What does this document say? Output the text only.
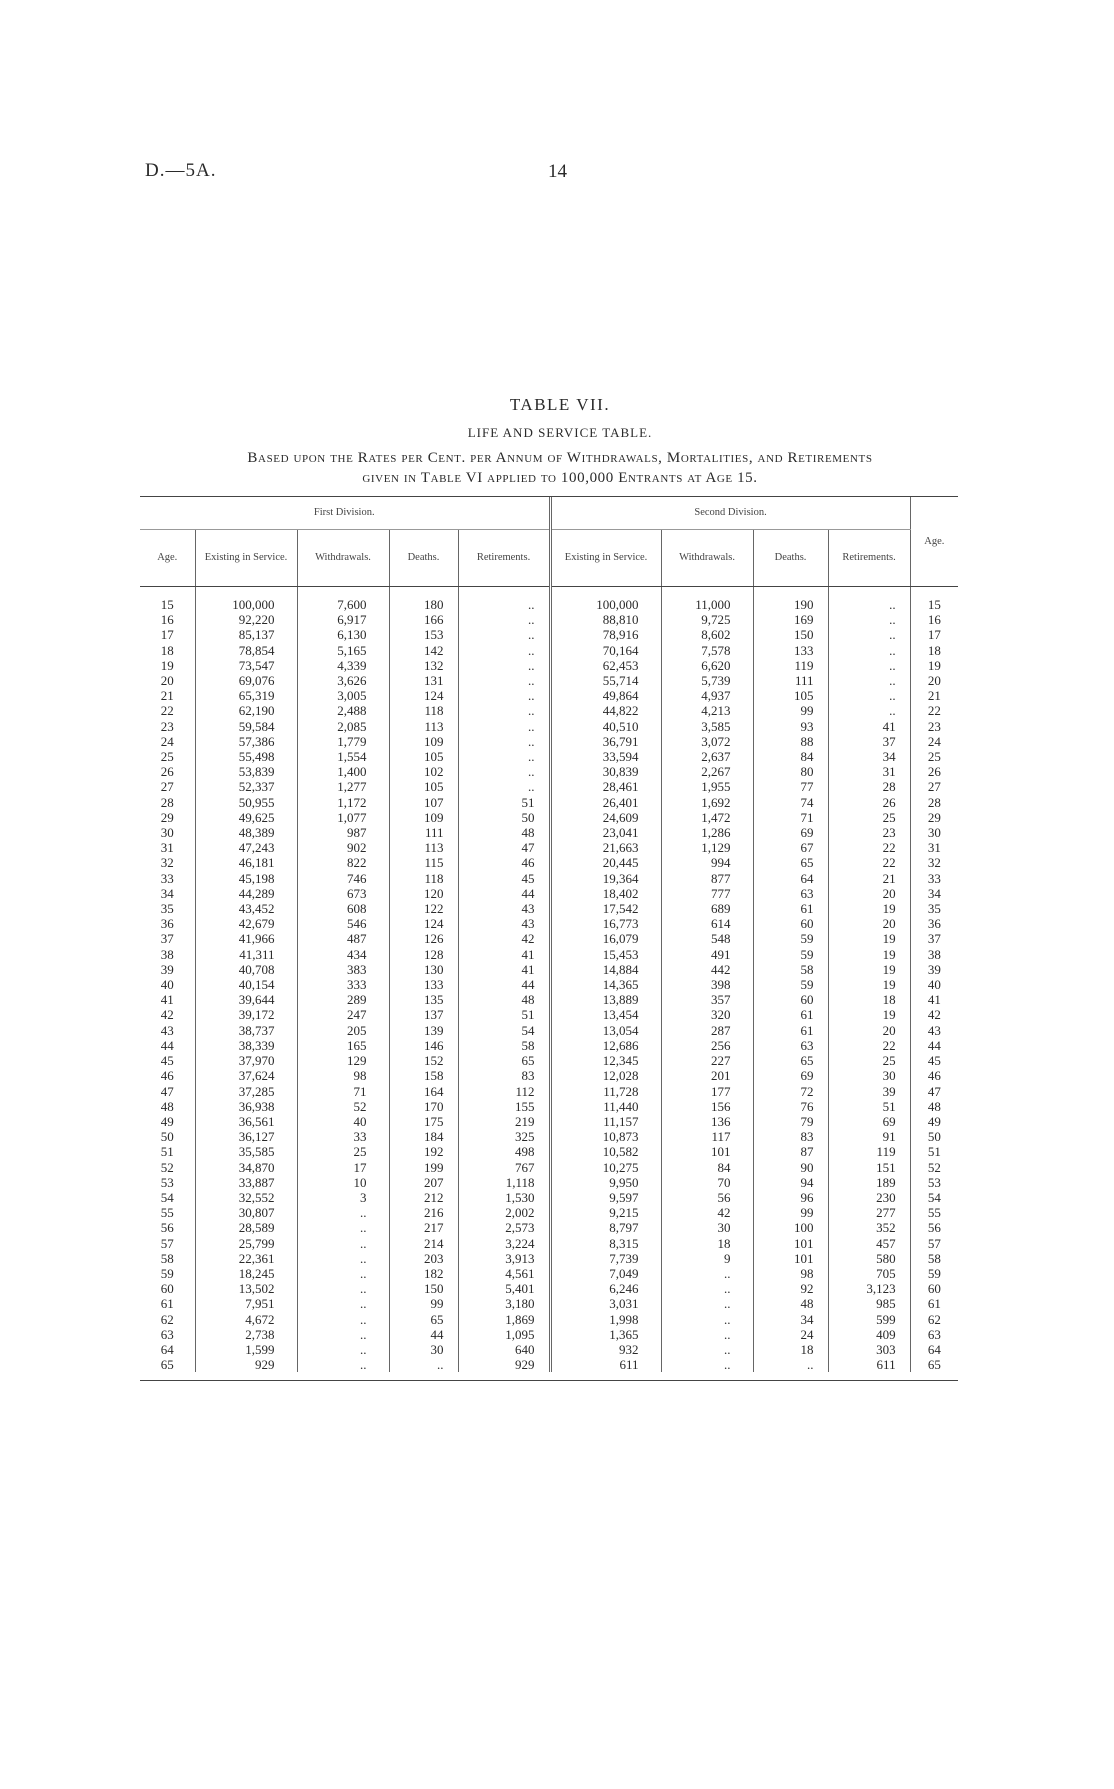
D.—5A.	14
TABLE VII.
LIFE AND SERVICE TABLE.
Based upon the Rates per Cent. per Annum of Withdrawals, Mortalities, and Retirements
given in Table VI applied to 100,000 Entrants at Age 15.
First Division.					Second Division.				Age.
Age.	Existing in Service.	Withdrawals.	Deaths.	Retirements.	Existing in Service.	Withdrawals.	Deaths.	Retirements.	
15	100,000	7,600	180	..	100,000	11,000	190	..	15
16	92,220	6,917	166	..	88,810	9,725	169	..	16
17	85,137	6,130	153	..	78,916	8,602	150	..	17
18	78,854	5,165	142	..	70,164	7,578	133	..	18
19	73,547	4,339	132	..	62,453	6,620	119	..	19
20	69,076	3,626	131	..	55,714	5,739	111	..	20
21	65,319	3,005	124	..	49,864	4,937	105	..	21
22	62,190	2,488	118	..	44,822	4,213	99	..	22
23	59,584	2,085	113	..	40,510	3,585	93	41	23
24	57,386	1,779	109	..	36,791	3,072	88	37	24
25	55,498	1,554	105	..	33,594	2,637	84	34	25
26	53,839	1,400	102	..	30,839	2,267	80	31	26
27	52,337	1,277	105	..	28,461	1,955	77	28	27
28	50,955	1,172	107	51	26,401	1,692	74	26	28
29	49,625	1,077	109	50	24,609	1,472	71	25	29
30	48,389	987	111	48	23,041	1,286	69	23	30
31	47,243	902	113	47	21,663	1,129	67	22	31
32	46,181	822	115	46	20,445	994	65	22	32
33	45,198	746	118	45	19,364	877	64	21	33
34	44,289	673	120	44	18,402	777	63	20	34
35	43,452	608	122	43	17,542	689	61	19	35
36	42,679	546	124	43	16,773	614	60	20	36
37	41,966	487	126	42	16,079	548	59	19	37
38	41,311	434	128	41	15,453	491	59	19	38
39	40,708	383	130	41	14,884	442	58	19	39
40	40,154	333	133	44	14,365	398	59	19	40
41	39,644	289	135	48	13,889	357	60	18	41
42	39,172	247	137	51	13,454	320	61	19	42
43	38,737	205	139	54	13,054	287	61	20	43
44	38,339	165	146	58	12,686	256	63	22	44
45	37,970	129	152	65	12,345	227	65	25	45
46	37,624	98	158	83	12,028	201	69	30	46
47	37,285	71	164	112	11,728	177	72	39	47
48	36,938	52	170	155	11,440	156	76	51	48
49	36,561	40	175	219	11,157	136	79	69	49
50	36,127	33	184	325	10,873	117	83	91	50
51	35,585	25	192	498	10,582	101	87	119	51
52	34,870	17	199	767	10,275	84	90	151	52
53	33,887	10	207	1,118	9,950	70	94	189	53
54	32,552	3	212	1,530	9,597	56	96	230	54
55	30,807	..	216	2,002	9,215	42	99	277	55
56	28,589	..	217	2,573	8,797	30	100	352	56
57	25,799	..	214	3,224	8,315	18	101	457	57
58	22,361	..	203	3,913	7,739	9	101	580	58
59	18,245	..	182	4,561	7,049	..	98	705	59
60	13,502	..	150	5,401	6,246	..	92	3,123	60
61	7,951	..	99	3,180	3,031	..	48	985	61
62	4,672	..	65	1,869	1,998	..	34	599	62
63	2,738	..	44	1,095	1,365	..	24	409	63
64	1,599	..	30	640	932	..	18	303	64
65	929	..	..	929	611	..	..	611	65
